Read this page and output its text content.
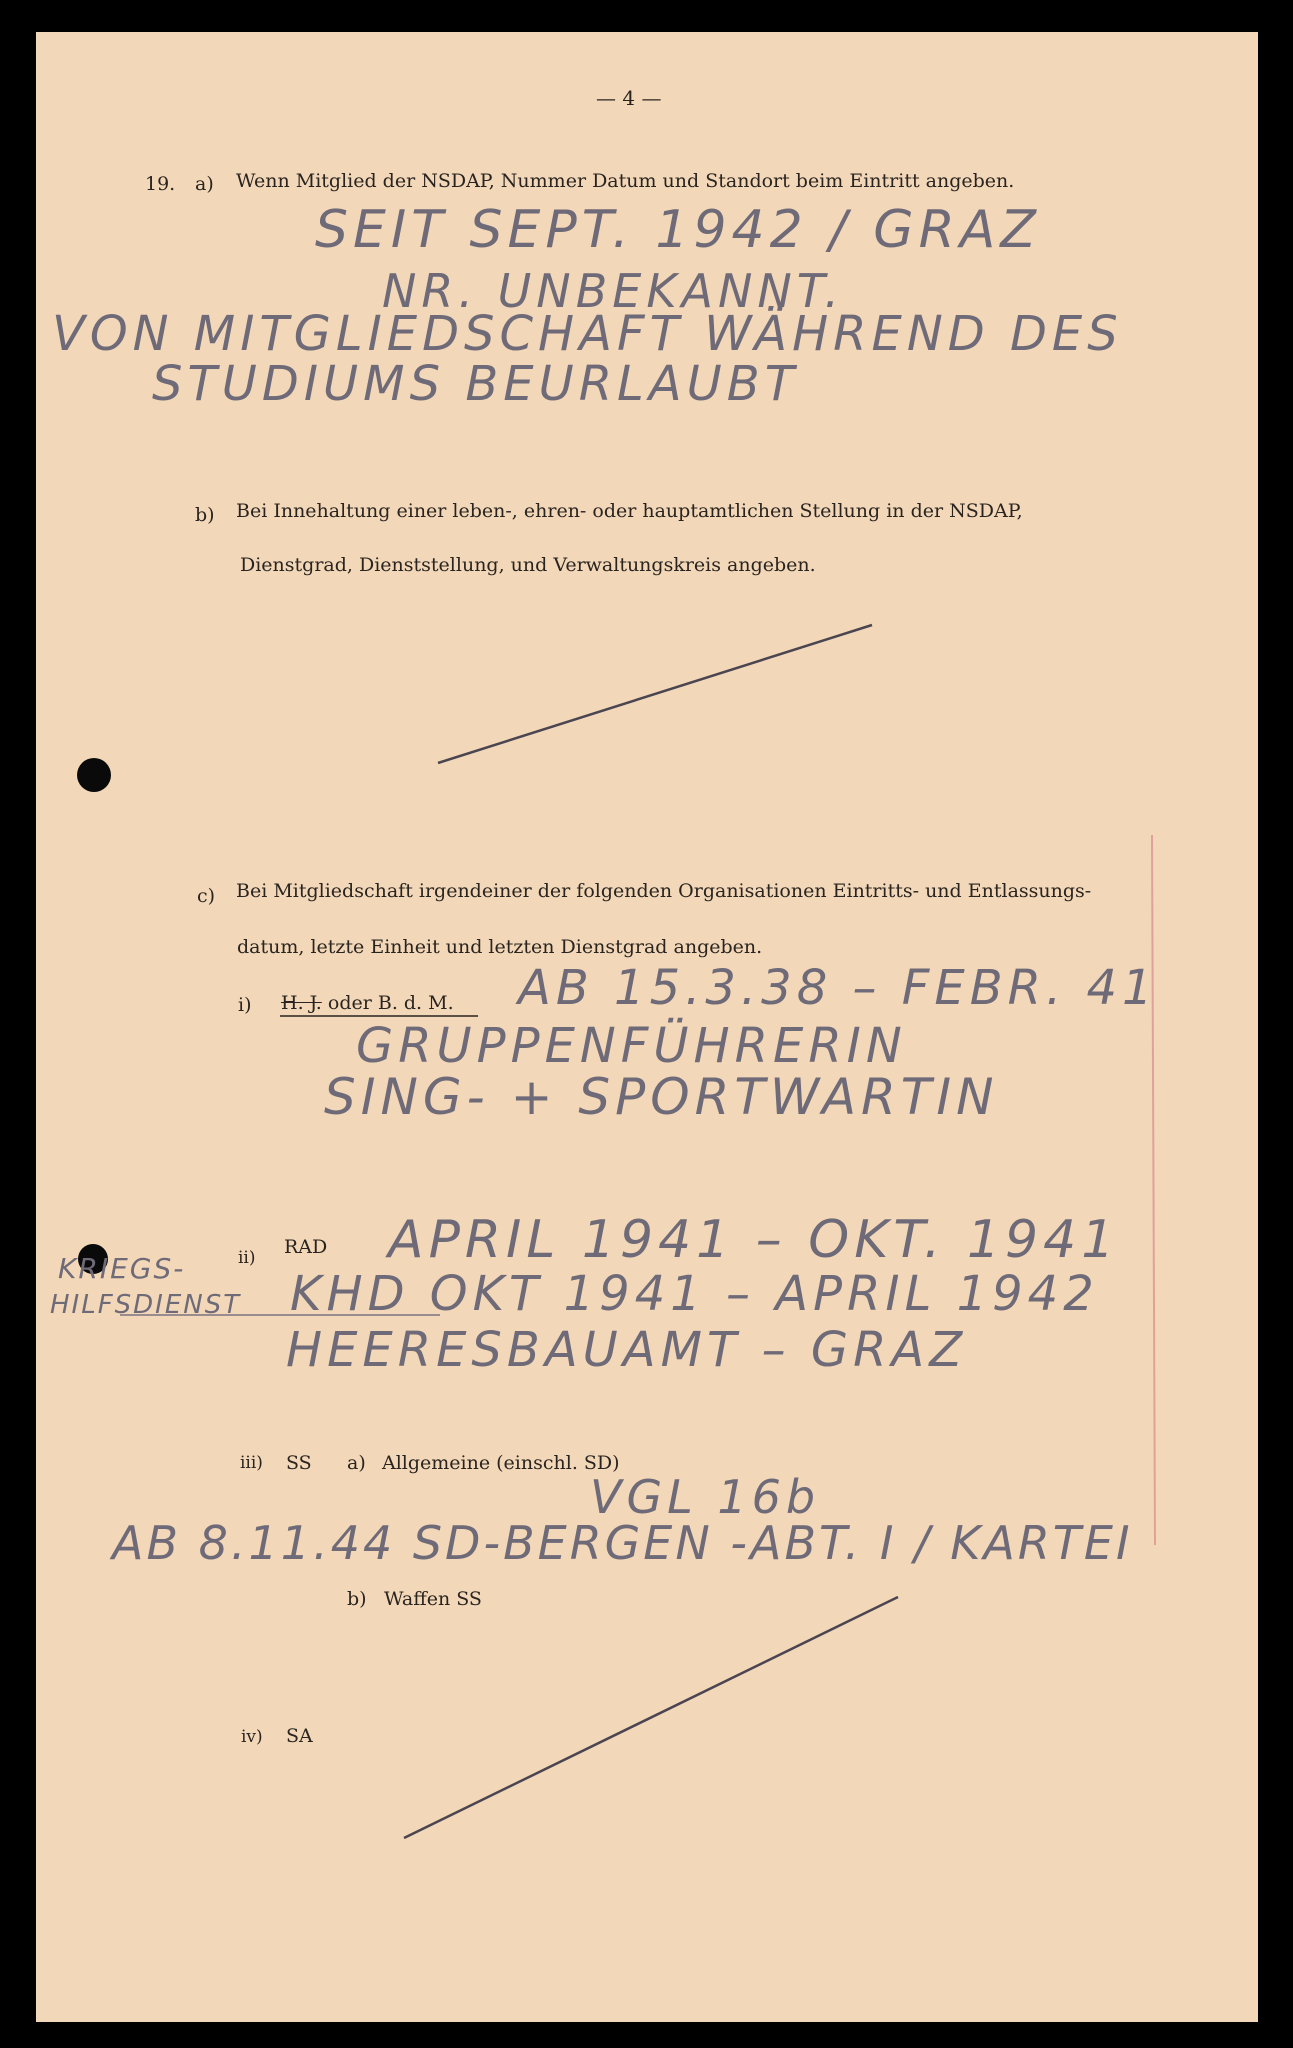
— 4 —
19. a) Wenn Mitglied der NSDAP, Nummer Datum und Standort beim Eintritt angeben.
SEIT SEPT. 1942 / GRAZ
NR. UNBEKANNT.
VON MITGLIEDSCHAFT WÄHREND DES
STUDIUMS BEURLAUBT
b) Bei Innehaltung einer leben-, ehren- oder hauptamtlichen Stellung in der NSDAP,
Dienstgrad, Dienststellung, und Verwaltungskreis angeben.
c) Bei Mitgliedschaft irgendeiner der folgenden Organisationen Eintritts- und Entlassungs-
datum, letzte Einheit und letzten Dienstgrad angeben.
i) H. J. oder B. d. M. AB 15.3.38 – FEBR. 41
GRUPPENFÜHRERIN
SING- + SPORTWARTIN
ii) RAD APRIL 1941 – OKT. 1941
KHD OKT 1941 – APRIL 1942
HEERESBAUAMT – GRAZ
KRIEGS-
HILFSDIENST
iii) SS a) Allgemeine (einschl. SD)
VGL 16b
AB 8.11.44 SD-BERGEN -ABT. I / KARTEI
b) Waffen SS
iv) SA
